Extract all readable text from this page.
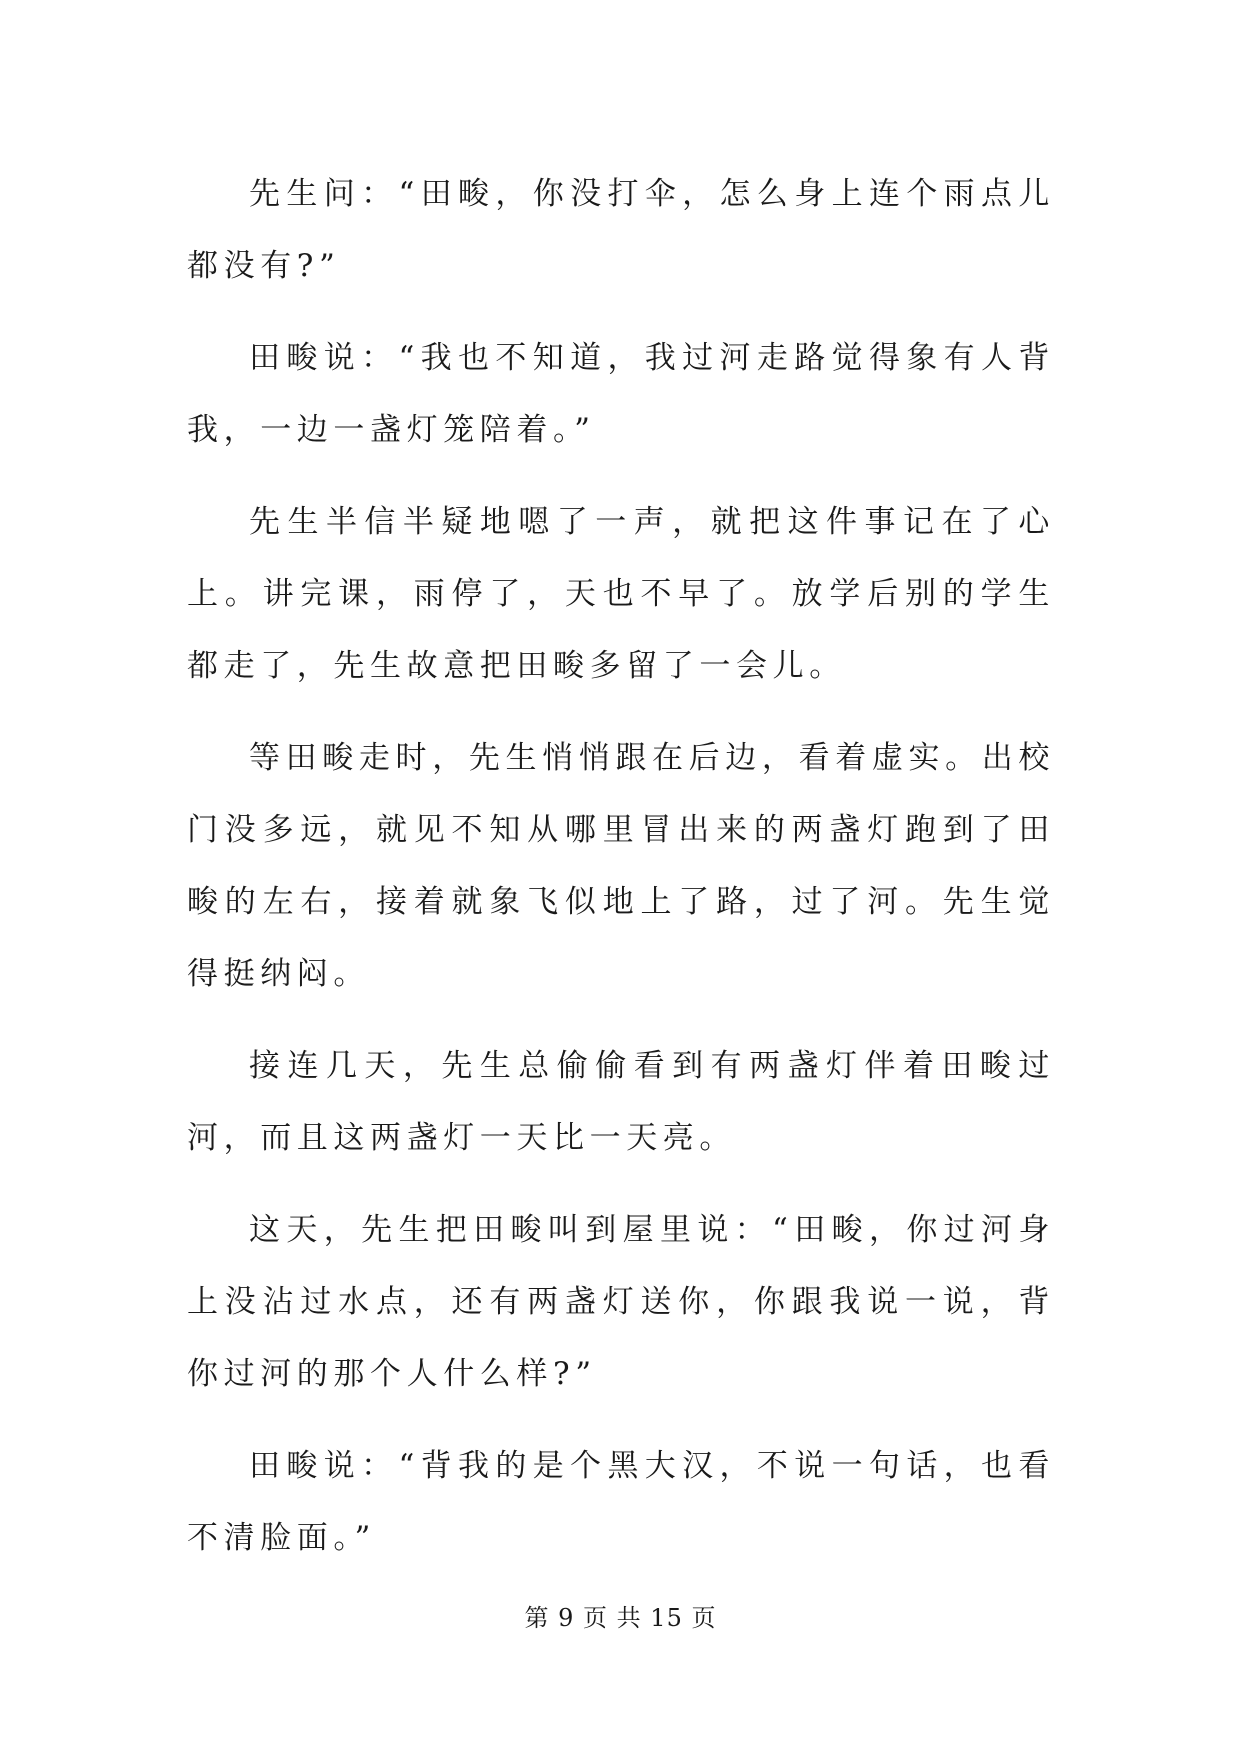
先生问：“田畯，你没打伞，怎么身上连个雨点儿都没有?”

田畯说：“我也不知道，我过河走路觉得象有人背我，一边一盏灯笼陪着。”

先生半信半疑地嗯了一声，就把这件事记在了心上。讲完课，雨停了，天也不早了。放学后别的学生都走了，先生故意把田畯多留了一会儿。

等田畯走时，先生悄悄跟在后边，看着虚实。出校门没多远，就见不知从哪里冒出来的两盏灯跑到了田畯的左右，接着就象飞似地上了路，过了河。先生觉得挺纳闷。

接连几天，先生总偷偷看到有两盏灯伴着田畯过河，而且这两盏灯一天比一天亮。

这天，先生把田畯叫到屋里说：“田畯，你过河身上没沾过水点，还有两盏灯送你，你跟我说一说，背你过河的那个人什么样?”

田畯说：“背我的是个黑大汉，不说一句话，也看不清脸面。”

第 9 页 共 15 页
